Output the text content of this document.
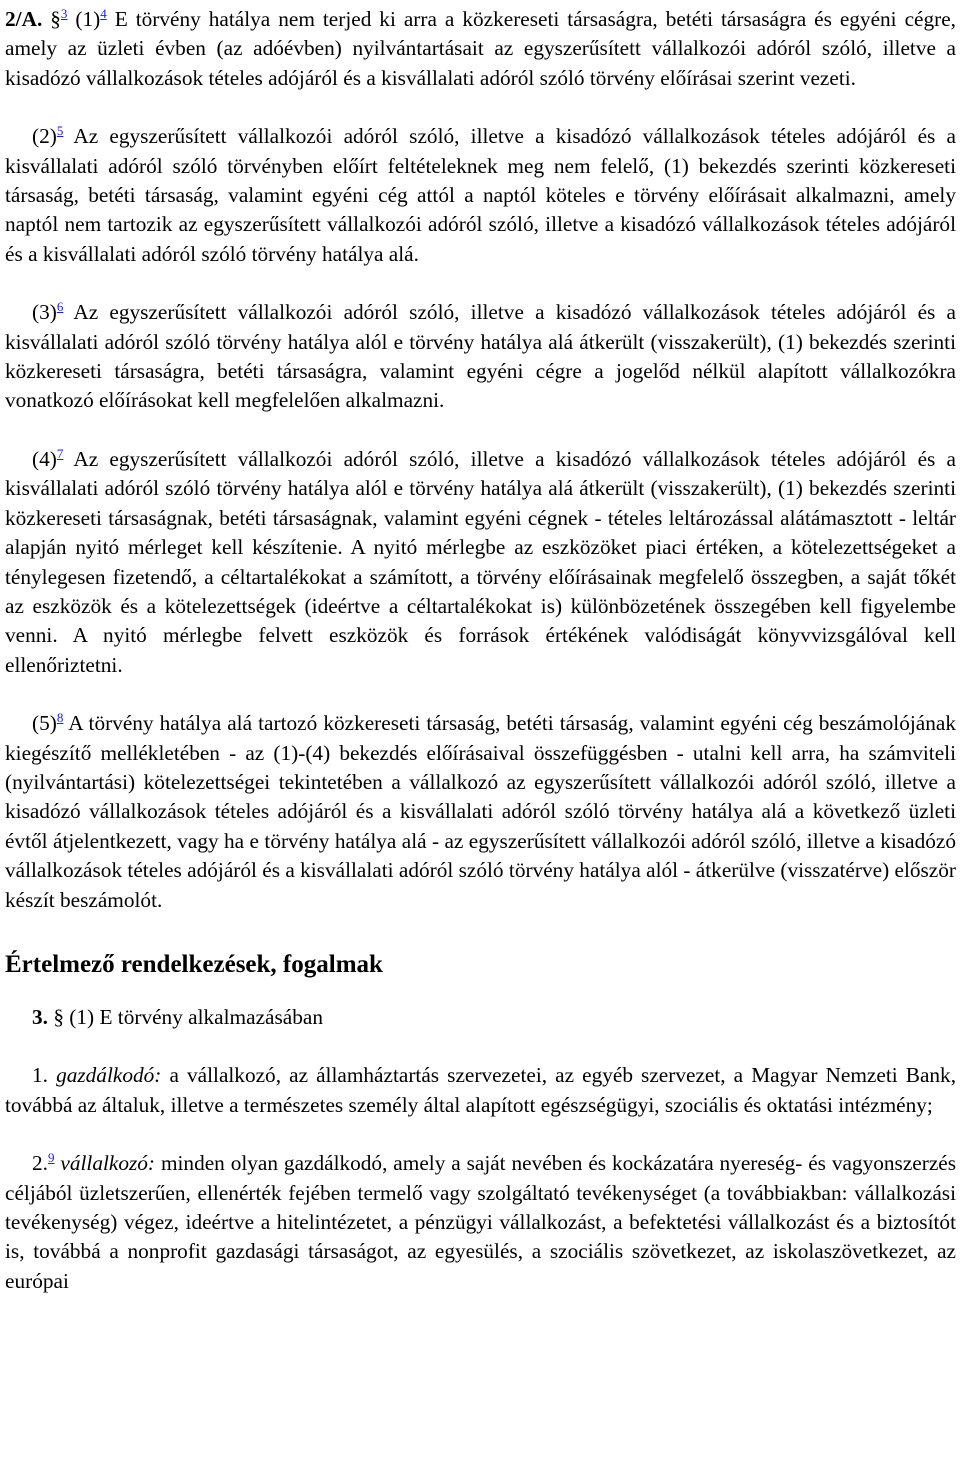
2/A. §$^3$ $(1)^4$ E törvény hatálya nem terjed ki arra a közkereseti társaságra, betéti társaságra és egyéni cégre, amely az üzleti évben (az adóévben) nyilvántartásait az egyszerűsített vállalkozói adóról szóló, illetve a kisadózó vállalkozások tételes adójáról és a kisvállalati adóról szóló törvény előírásai szerint vezeti.

$(2)^5$ Az egyszerűsített vállalkozói adóról szóló, illetve a kisadózó vállalkozások tételes adójáról és a kisvállalati adóról szóló törvényben előírt feltételeknek meg nem felelő, (1) bekezdés szerinti közkereseti társaság, betéti társaság, valamint egyéni cég attól a naptól köteles e törvény előírásait alkalmazni, amely naptól nem tartozik az egyszerűsített vállalkozói adóról szóló, illetve a kisadózó vállalkozások tételes adójáról és a kisvállalati adóról szóló törvény hatálya alá.

$(3)^6$ Az egyszerűsített vállalkozói adóról szóló, illetve a kisadózó vállalkozások tételes adójáról és a kisvállalati adóról szóló törvény hatálya alól e törvény hatálya alá átkerült (visszakerült), (1) bekezdés szerinti közkereseti társaságra, betéti társaságra, valamint egyéni cégre a jogelőd nélkül alapított vállalkozókra vonatkozó előírásokat kell megfelelően alkalmazni.

$(4)^7$ Az egyszerűsített vállalkozói adóról szóló, illetve a kisadózó vállalkozások tételes adójáról és a kisvállalati adóról szóló törvény hatálya alól e törvény hatálya alá átkerült (visszakerült), (1) bekezdés szerinti közkereseti társaságnak, betéti társaságnak, valamint egyéni cégnek - tételes leltározással alátámasztott - leltár alapján nyitó mérleget kell készítenie. A nyitó mérlegbe az eszközöket piaci értéken, a kötelezettségeket a ténylegesen fizetendő, a céltartalékokat a számított, a törvény előírásainak megfelelő összegben, a saját tőkét az eszközök és a kötelezettségek (ideértve a céltartalékokat is) különbözetének összegében kell figyelembe venni. A nyitó mérlegbe felvett eszközök és források értékének valódiságát könyvvizsgálóval kell ellenőriztetni.

$(5)^8$ A törvény hatálya alá tartozó közkereseti társaság, betéti társaság, valamint egyéni cég beszámolójának kiegészítő mellékletében - az (1)-(4) bekezdés előírásaival összefüggésben - utalni kell arra, ha számviteli (nyilvántartási) kötelezettségei tekintetében a vállalkozó az egyszerűsített vállalkozói adóról szóló, illetve a kisadózó vállalkozások tételes adójáról és a kisvállalati adóról szóló törvény hatálya alá a következő üzleti évtől átjelentkezett, vagy ha e törvény hatálya alá - az egyszerűsített vállalkozói adóról szóló, illetve a kisadózó vállalkozások tételes adójáról és a kisvállalati adóról szóló törvény hatálya alól - átkerülve (visszatérve) először készít beszámolót.

Értelmező rendelkezések, fogalmak

3. § (1) E törvény alkalmazásában

1. gazdálkodó: a vállalkozó, az államháztartás szervezetei, az egyéb szervezet, a Magyar Nemzeti Bank, továbbá az általuk, illetve a természetes személy által alapított egészségügyi, szociális és oktatási intézmény;

2.$^9$ vállalkozó: minden olyan gazdálkodó, amely a saját nevében és kockázatára nyereség- és vagyonszerzés céljából üzletszerűen, ellenérték fejében termelő vagy szolgáltató tevékenységet (a továbbiakban: vállalkozási tevékenység) végez, ideértve a hitelintézetet, a pénzügyi vállalkozást, a befektetési vállalkozást és a biztosítót is, továbbá a nonprofit gazdasági társaságot, az egyesülés, a szociális szövetkezet, az iskolaszövetkezet, az európai
